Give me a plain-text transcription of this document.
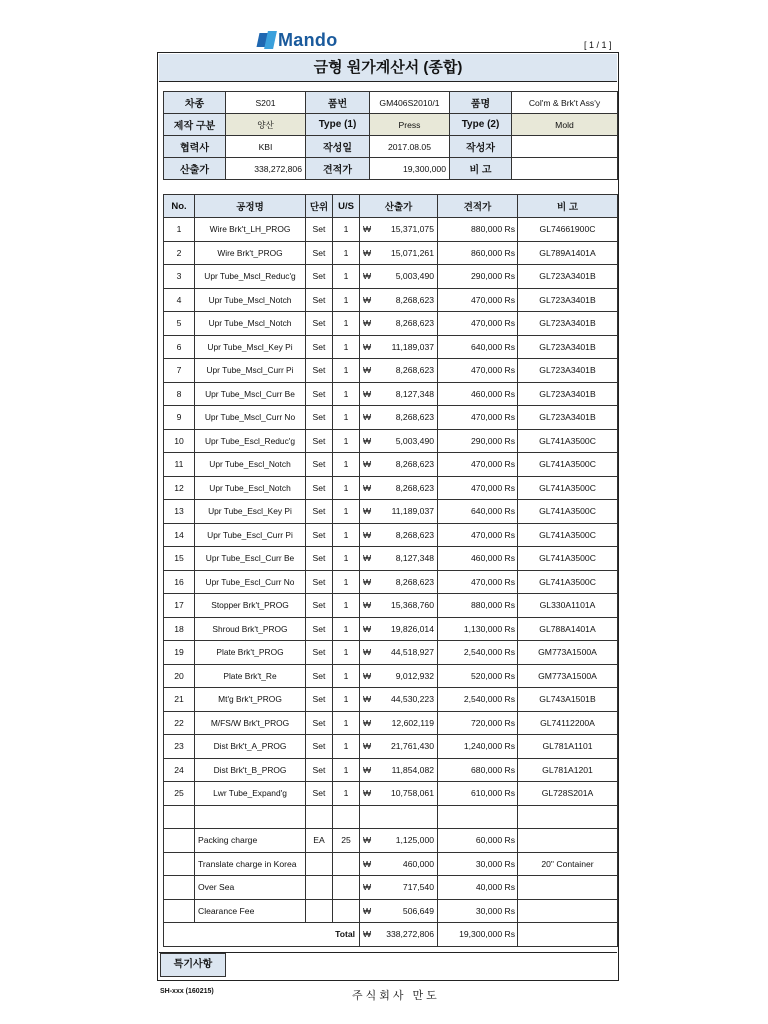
Mando	[ 1 / 1 ]
금형 원가계산서 (종합)
차종	S201	품번	GM406S2010/1	품명	Col'm & Brk't Ass'y
제작 구분	양산	Type (1)	Press	Type (2)	Mold
협력사	KBI	작성일	2017.08.05	작성자	
산출가	338,272,806	견적가	19,300,000	비 고	
No.	공정명	단위	U/S	산출가		견적가	비 고
1	Wire Brk't_LH_PROG	Set	1	₩	15,371,075	880,000 Rs	GL74661900C
2	Wire Brk't_PROG	Set	1	₩	15,071,261	860,000 Rs	GL789A1401A
3	Upr Tube_Mscl_Reduc'g	Set	1	₩	5,003,490	290,000 Rs	GL723A3401B
4	Upr Tube_Mscl_Notch	Set	1	₩	8,268,623	470,000 Rs	GL723A3401B
5	Upr Tube_Mscl_Notch	Set	1	₩	8,268,623	470,000 Rs	GL723A3401B
6	Upr Tube_Mscl_Key Pi	Set	1	₩	11,189,037	640,000 Rs	GL723A3401B
7	Upr Tube_Mscl_Curr Pi	Set	1	₩	8,268,623	470,000 Rs	GL723A3401B
8	Upr Tube_Mscl_Curr Be	Set	1	₩	8,127,348	460,000 Rs	GL723A3401B
9	Upr Tube_Mscl_Curr No	Set	1	₩	8,268,623	470,000 Rs	GL723A3401B
10	Upr Tube_Escl_Reduc'g	Set	1	₩	5,003,490	290,000 Rs	GL741A3500C
11	Upr Tube_Escl_Notch	Set	1	₩	8,268,623	470,000 Rs	GL741A3500C
12	Upr Tube_Escl_Notch	Set	1	₩	8,268,623	470,000 Rs	GL741A3500C
13	Upr Tube_Escl_Key Pi	Set	1	₩	11,189,037	640,000 Rs	GL741A3500C
14	Upr Tube_Escl_Curr Pi	Set	1	₩	8,268,623	470,000 Rs	GL741A3500C
15	Upr Tube_Escl_Curr Be	Set	1	₩	8,127,348	460,000 Rs	GL741A3500C
16	Upr Tube_Escl_Curr No	Set	1	₩	8,268,623	470,000 Rs	GL741A3500C
17	Stopper Brk't_PROG	Set	1	₩	15,368,760	880,000 Rs	GL330A1101A
18	Shroud Brk't_PROG	Set	1	₩	19,826,014	1,130,000 Rs	GL788A1401A
19	Plate Brk't_PROG	Set	1	₩	44,518,927	2,540,000 Rs	GM773A1500A
20	Plate Brk't_Re	Set	1	₩	9,012,932	520,000 Rs	GM773A1500A
21	Mt'g Brk't_PROG	Set	1	₩	44,530,223	2,540,000 Rs	GL743A1501B
22	M/FS/W Brk't_PROG	Set	1	₩	12,602,119	720,000 Rs	GL74112200A
23	Dist Brk't_A_PROG	Set	1	₩	21,761,430	1,240,000 Rs	GL781A1101
24	Dist Brk't_B_PROG	Set	1	₩	11,854,082	680,000 Rs	GL781A1201
25	Lwr Tube_Expand'g	Set	1	₩	10,758,061	610,000 Rs	GL728S201A

	Packing charge	EA	25	₩	1,125,000	60,000 Rs	
	Translate charge in Korea			₩	460,000	30,000 Rs	20" Container
	Over Sea			₩	717,540	40,000 Rs	
	Clearance Fee			₩	506,649	30,000 Rs	
Total				₩	338,272,806	19,300,000 Rs	
특기사항
SH-xxx (160215)	주식회사 만도
